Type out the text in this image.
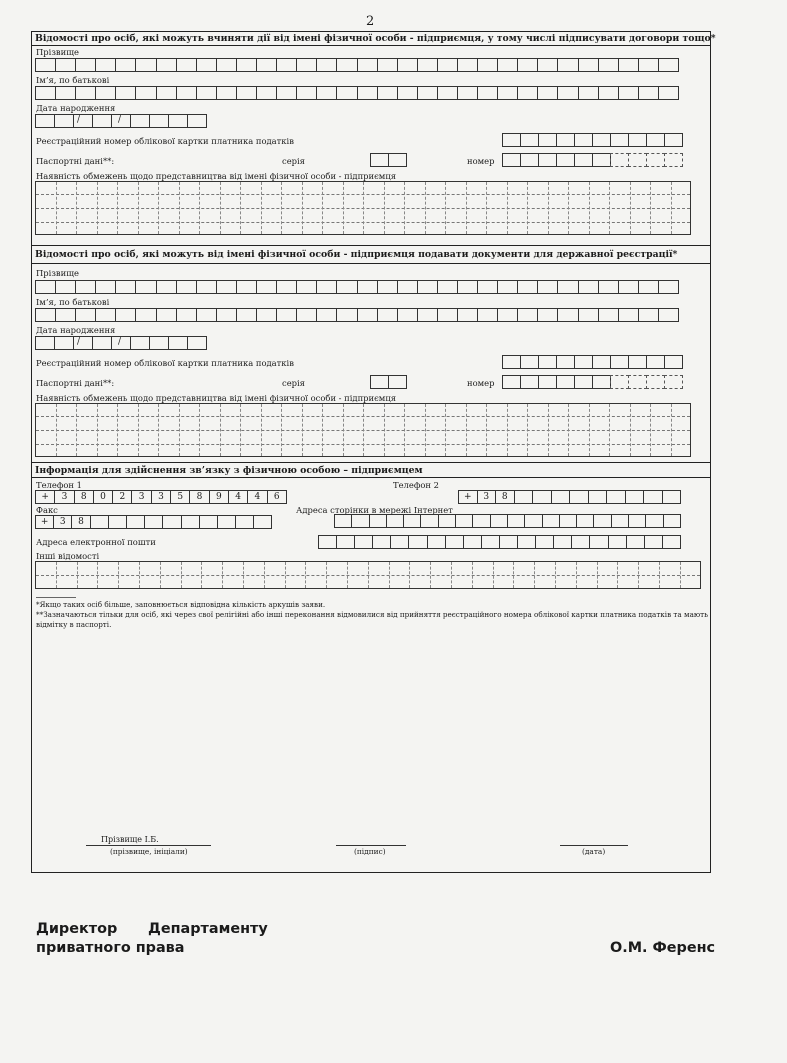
2
Відомості про осіб, які можуть вчиняти дії від імені фізичної особи - підприємця, у тому числі підписувати договори тощо*
Прізвище
Ім’я, по батькові
Дата народження
/	/
Реєстраційний номер облікової картки платника податків
Паспортні дані**:	серія	номер
Наявність обмежень щодо представництва від імені фізичної особи - підприємця
Відомості про осіб, які можуть від імені фізичної особи - підприємця подавати документи для державної реєстрації*
Прізвище
Ім’я, по батькові
Дата народження
/	/
Реєстраційний номер облікової картки платника податків
Паспортні дані**:	серія	номер
Наявність обмежень щодо представництва від імені фізичної особи - підприємця
Інформація для здійснення зв’язку з фізичною особою – підприємцем
Телефон 1
+	3	8	0	2	3	3	5	8	9	4	4	6
Телефон 2
+	3	8
Факс
+	3	8
Адреса сторінки в мережі Інтернет
Адреса електронної пошти
Інші відомості
*Якщо таких осіб більше, заповнюється відповідна кількість аркушів заяви.
**Зазначаються тільки для осіб, які через свої релігійні або інші переконання відмовилися від прийняття реєстраційного номера облікової картки платника податків та мають відмітку в паспорті.
Прізвище І.Б.
(прізвище, ініціали)	(підпис)	(дата)
Директор Департаменту
приватного права	О.М. Ференс
